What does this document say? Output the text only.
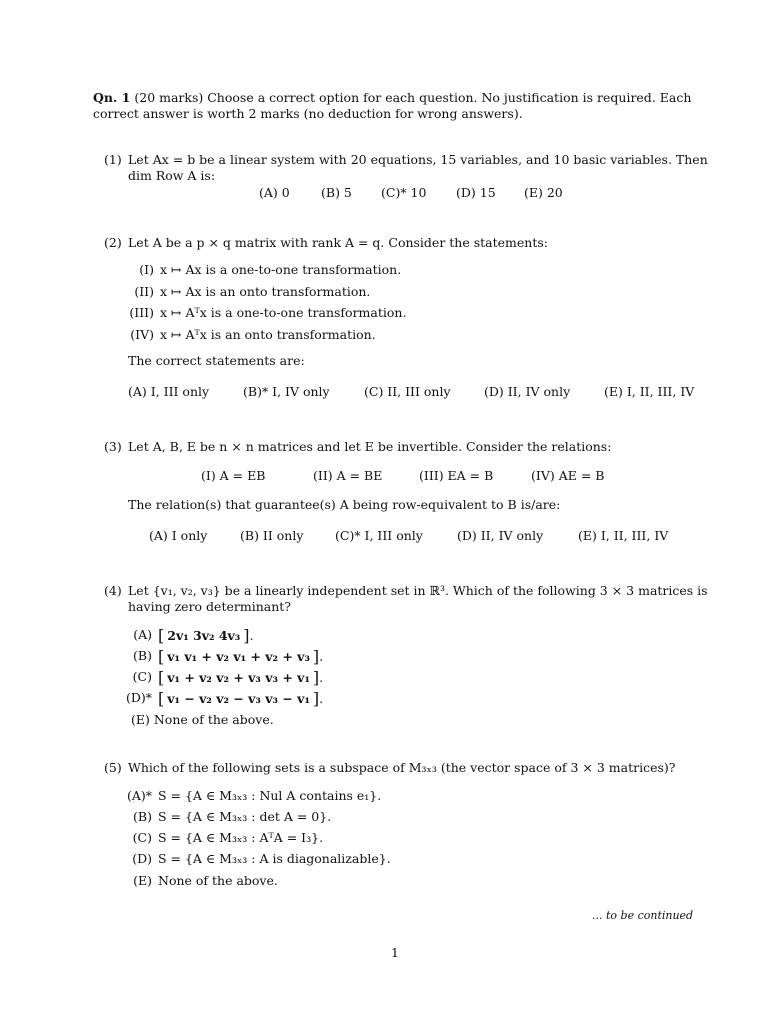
Qn. 1 (20 marks) Choose a correct option for each question. No justification is required. Each
correct answer is worth 2 marks (no deduction for wrong answers).
(1) Let Ax = b be a linear system with 20 equations, 15 variables, and 10 basic variables. Then
dim Row A is:
(A) 0	(B) 5 (C)* 10 (D) 15 (E) 20
(2) Let A be a p × q matrix with rank A = q. Consider the statements:
(I) x ↦ Ax is a one-to-one transformation.
(II) x ↦ Ax is an onto transformation.
(III) x ↦ Aᵀx is a one-to-one transformation.
(IV) x ↦ Aᵀx is an onto transformation.
The correct statements are:
(A) I, III only	(B)* I, IV only	(C) II, III only	(D) II, IV only	(E) I, II, III, IV
(3) Let A, B, E be n × n matrices and let E be invertible. Consider the relations:
(I) A = EB	(II) A = BE	(III) EA = B	(IV) AE = B
The relation(s) that guarantee(s) A being row-equivalent to B is/are:
(A) I only	(B) II only	(C)* I, III only	(D) II, IV only	(E) I, II, III, IV
(4) Let {v₁, v₂, v₃} be a linearly independent set in ℝ³. Which of the following 3 × 3 matrices is
having zero determinant?
(A) [ 2v₁ 3v₂ 4v₃ ].
(B) [ v₁ v₁ + v₂ v₁ + v₂ + v₃ ].
(C) [ v₁ + v₂ v₂ + v₃ v₃ + v₁ ].
(D)* [ v₁ − v₂ v₂ − v₃ v₃ − v₁ ].
(E) None of the above.
(5) Which of the following sets is a subspace of M₃ₓ₃ (the vector space of 3 × 3 matrices)?
(A)* S = {A ∈ M₃ₓ₃ : Nul A contains e₁}.
(B) S = {A ∈ M₃ₓ₃ : det A = 0}.
(C) S = {A ∈ M₃ₓ₃ : AᵀA = I₃}.
(D) S = {A ∈ M₃ₓ₃ : A is diagonalizable}.
(E) None of the above.
... to be continued
1
